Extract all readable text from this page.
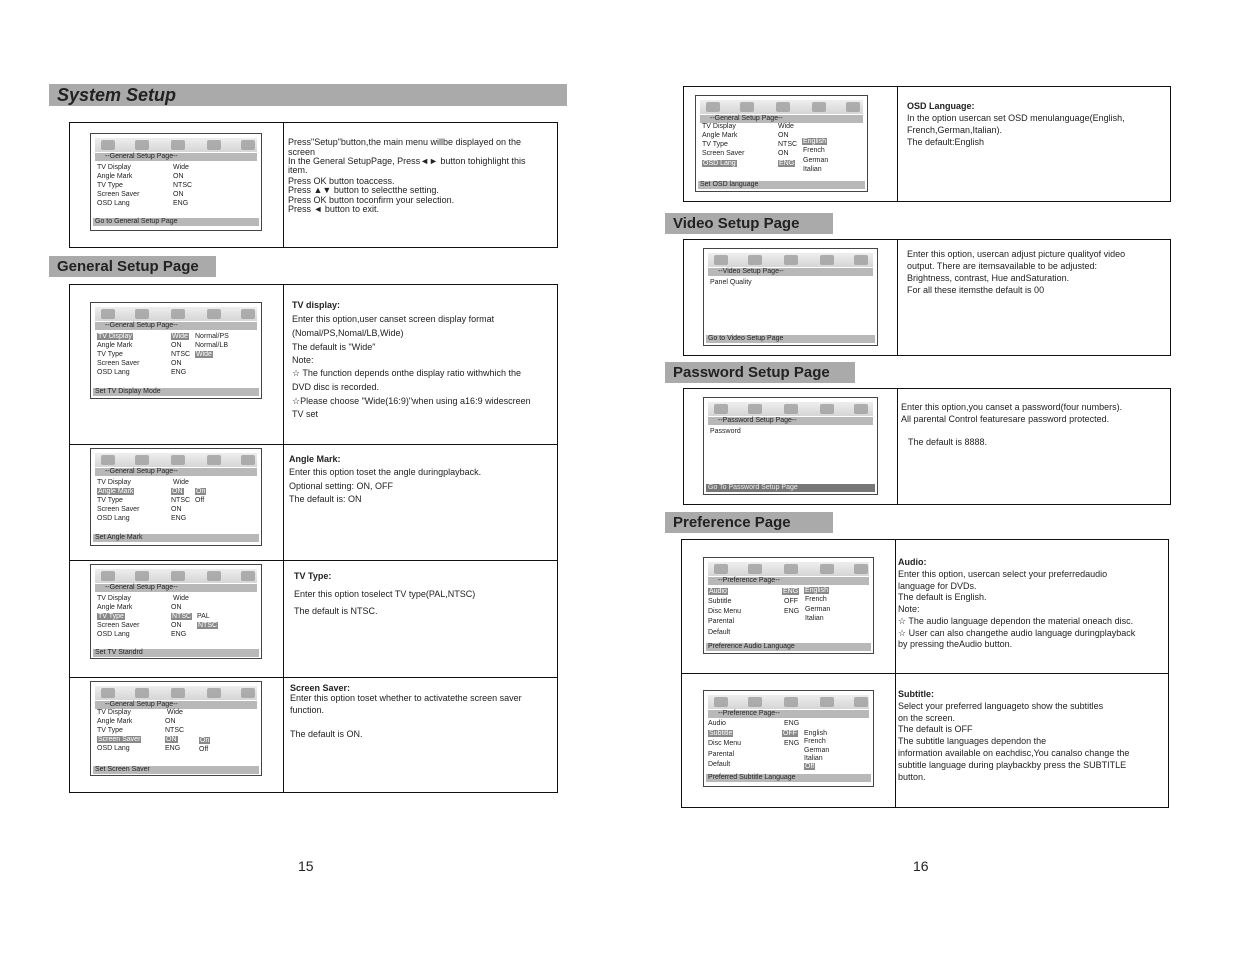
System Setup
--General Setup Page--
TV Display	Wide
Angle Mark	ON
TV Type	NTSC
Screen Saver	ON
OSD Lang	ENG
Go to General Setup Page
Press"Setup"button,the main menu willbe displayed on the
screen
In the General SetupPage, Press◄► button tohighlight this
item.
Press OK button toaccess.
Press ▲▼ button to selectthe setting.
Press OK button toconfirm your selection.
Press ◄ button to exit.
General Setup Page
--General Setup Page--
TV Display	Wide
Angle Mark	ON
TV Type	NTSC
Screen Saver	ON
OSD Lang	ENG
Normal/PS
Normal/LB
Wide
Set TV Display Mode
TV display:
Enter this option,user canset screen display format
(Nomal/PS,Nomal/LB,Wide)
The default is "Wide"
Note:
☆ The function depends onthe display ratio withwhich the
DVD disc is recorded.
☆Please choose "Wide(16:9)"when using a16:9 widescreen
TV set
--General Setup Page--
TV Display	Wide
Angle Mark	ON
TV Type	NTSC
Screen Saver	ON
OSD Lang	ENG
On
Off
Set Angle Mark
Angle Mark:
Enter this option toset the angle duringplayback.
Optional setting: ON, OFF
The default is: ON
--General Setup Page--
TV Display	Wide
Angle Mark	ON
TV Type	NTSC
Screen Saver	ON
OSD Lang	ENG
PAL
NTSC
Set TV Standrd
TV Type:
Enter this option toselect TV type(PAL,NTSC)
The default is NTSC.
--General Setup Page--
TV Display	Wide
Angle Mark	ON
TV Type	NTSC
Screen Saver	ON
OSD Lang	ENG
On
Off
Set Screen Saver
Screen Saver:
Enter this option toset whether to activatethe screen saver
function.
The default is ON.
15
--General Setup Page--
TV Display	Wide
Angle Mark	ON
TV Type	NTSC
Screen Saver	ON
OSD Lang	ENG
English
French
German
Italian
Set OSD language
OSD Language:
In the option usercan set OSD menulanguage(English,
French,German,Italian).
The default:English
Video Setup Page
--Video Setup Page--
Panel Quality
Go to Video Setup Page
Enter this option, usercan adjust picture qualityof video
output. There are itemsavailable to be adjusted:
Brightness, contrast, Hue andSaturation.
For all these itemsthe default is 00
Password Setup Page
--Password Setup Page--
Password
Go To Password Setup Page
Enter this option,you canset a password(four numbers).
All parental Control featuresare password protected.
The default is 8888.
Preference Page
--Preference Page--
Audio	ENG
Subtitle	OFF
Disc Menu	ENG
Parental
Default
English
French
German
Italian
Preference Audio Language
Audio:
Enter this option, usercan select your preferredaudio
language for DVDs.
The default is English.
Note:
☆ The audio language dependon the material oneach disc.
☆ User can also changethe audio language duringplayback
by pressing theAudio button.
--Preference Page--
Audio	ENG
Subtitle	OFF
Disc Menu	ENG
Parental
Default
English
French
German
Italian
Off
Preferred Subtitle Language
Subtitle:
Select your preferred languageto show the subtitles
on the screen.
The default is OFF
The subtitle languages dependon the
information available on eachdisc,You canalso change the
subtitle language during playbackby press the SUBTITLE
button.
16
